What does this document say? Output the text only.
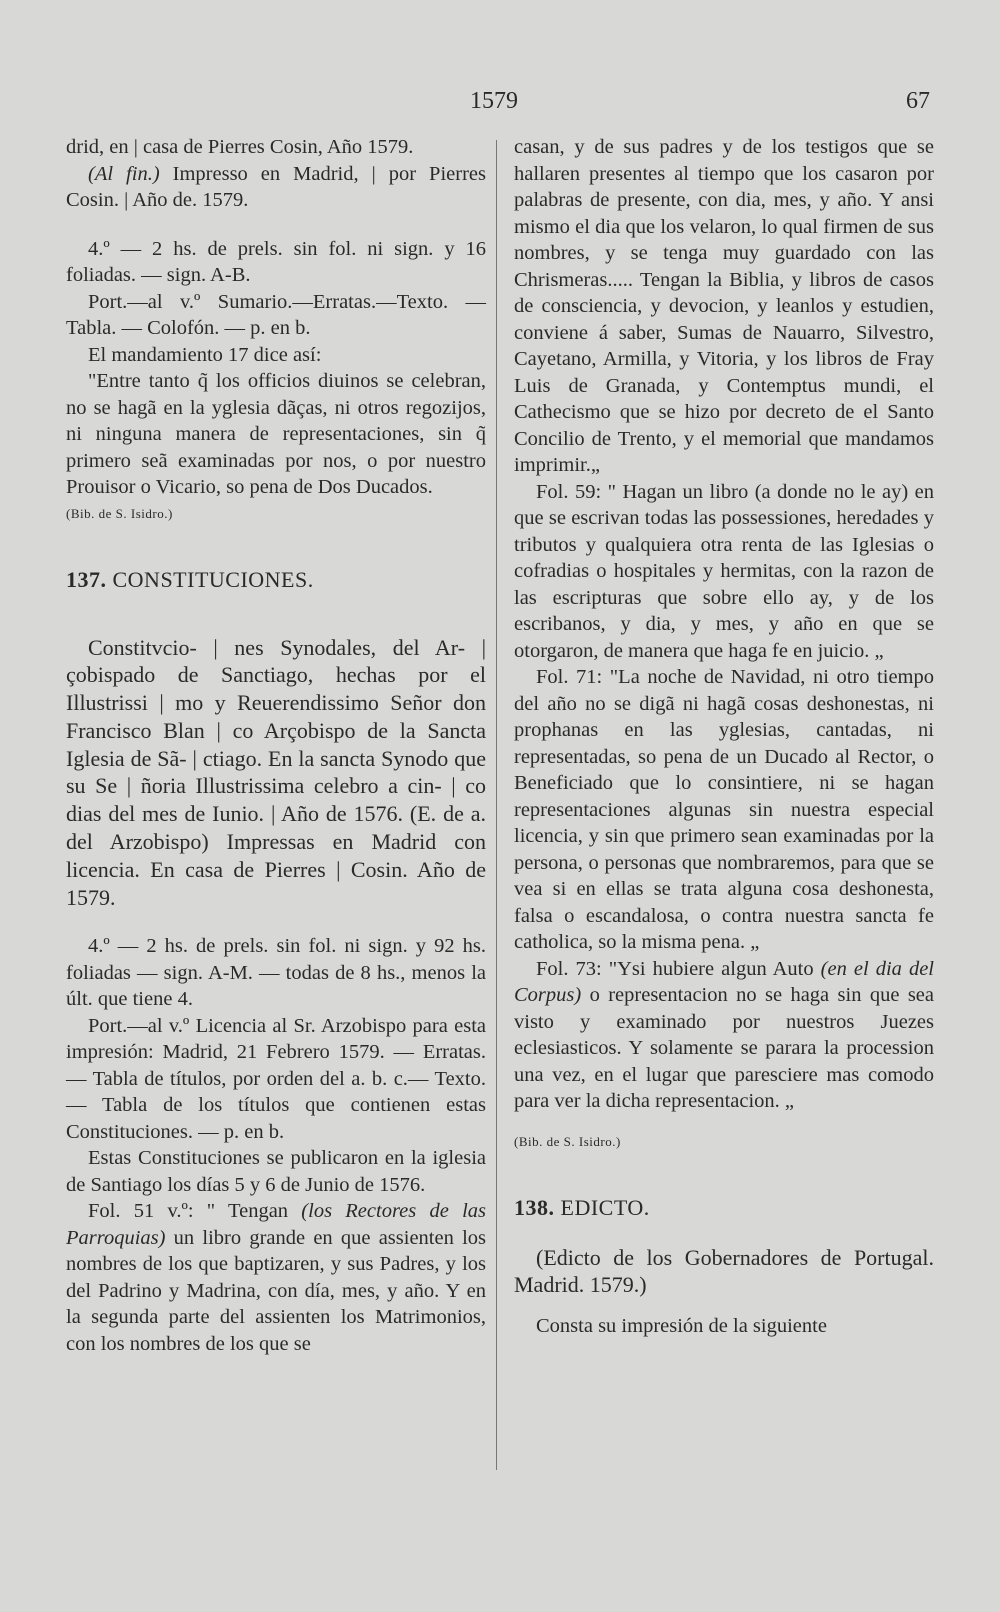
1579	67

drid, en | casa de Pierres Cosin, Año 1579.

(Al fin.) Impresso en Madrid, | por Pierres Cosin. | Año de. 1579.

4.º — 2 hs. de prels. sin fol. ni sign. y 16 foliadas. — sign. A-B.

Port.—al v.º Sumario.—Erratas.—Texto. — Tabla. — Colofón. — p. en b.

El mandamiento 17 dice así:

"Entre tanto q̃ los officios diuinos se celebran, no se hagã en la yglesia dãças, ni otros regozijos, ni ninguna manera de representaciones, sin q̃ primero seã examinadas por nos, o por nuestro Prouisor o Vicario, so pena de Dos Ducados.

(Bib. de S. Isidro.)

137. CONSTITUCIONES.

Constitvcio- | nes Synodales, del Ar- | çobispado de Sanctiago, hechas por el Illustrissi | mo y Reuerendissimo Señor don Francisco Blan | co Arçobispo de la Sancta Iglesia de Sã- | ctiago. En la sancta Synodo que su Se | ñoria Illustrissima celebro a cin- | co dias del mes de Iunio. | Año de 1576. (E. de a. del Arzobispo) Impressas en Madrid con licencia. En casa de Pierres | Cosin. Año de 1579.

4.º — 2 hs. de prels. sin fol. ni sign. y 92 hs. foliadas — sign. A-M. — todas de 8 hs., menos la últ. que tiene 4.

Port.—al v.º Licencia al Sr. Arzobispo para esta impresión: Madrid, 21 Febrero 1579. — Erratas. — Tabla de títulos, por orden del a. b. c.— Texto.— Tabla de los títulos que contienen estas Constituciones. — p. en b.

Estas Constituciones se publicaron en la iglesia de Santiago los días 5 y 6 de Junio de 1576.

Fol. 51 v.º: " Tengan (los Rectores de las Parroquias) un libro grande en que assienten los nombres de los que baptizaren, y sus Padres, y los del Padrino y Madrina, con día, mes, y año. Y en la segunda parte del assienten los Matrimonios, con los nombres de los que se

casan, y de sus padres y de los testigos que se hallaren presentes al tiempo que los casaron por palabras de presente, con dia, mes, y año. Y ansi mismo el dia que los velaron, lo qual firmen de sus nombres, y se tenga muy guardado con las Chrismeras..... Tengan la Biblia, y libros de casos de consciencia, y devocion, y leanlos y estudien, conviene á saber, Sumas de Nauarro, Silvestro, Cayetano, Armilla, y Vitoria, y los libros de Fray Luis de Granada, y Contemptus mundi, el Cathecismo que se hizo por decreto de el Santo Concilio de Trento, y el memorial que mandamos imprimir.„

Fol. 59: " Hagan un libro (a donde no le ay) en que se escrivan todas las possessiones, heredades y tributos y qualquiera otra renta de las Iglesias o cofradias o hospitales y hermitas, con la razon de las escripturas que sobre ello ay, y de los escribanos, y dia, y mes, y año en que se otorgaron, de manera que haga fe en juicio. „

Fol. 71: "La noche de Navidad, ni otro tiempo del año no se digã ni hagã cosas deshonestas, ni prophanas en las yglesias, cantadas, ni representadas, so pena de un Ducado al Rector, o Beneficiado que lo consintiere, ni se hagan representaciones algunas sin nuestra especial licencia, y sin que primero sean examinadas por la persona, o personas que nombraremos, para que se vea si en ellas se trata alguna cosa deshonesta, falsa o escandalosa, o contra nuestra sancta fe catholica, so la misma pena. „

Fol. 73: "Ysi hubiere algun Auto (en el dia del Corpus) o representacion no se haga sin que sea visto y examinado por nuestros Juezes eclesiasticos. Y solamente se parara la procession una vez, en el lugar que paresciere mas comodo para ver la dicha representacion. „

(Bib. de S. Isidro.)

138. EDICTO.

(Edicto de los Gobernadores de Portugal. Madrid. 1579.)

Consta su impresión de la siguiente
